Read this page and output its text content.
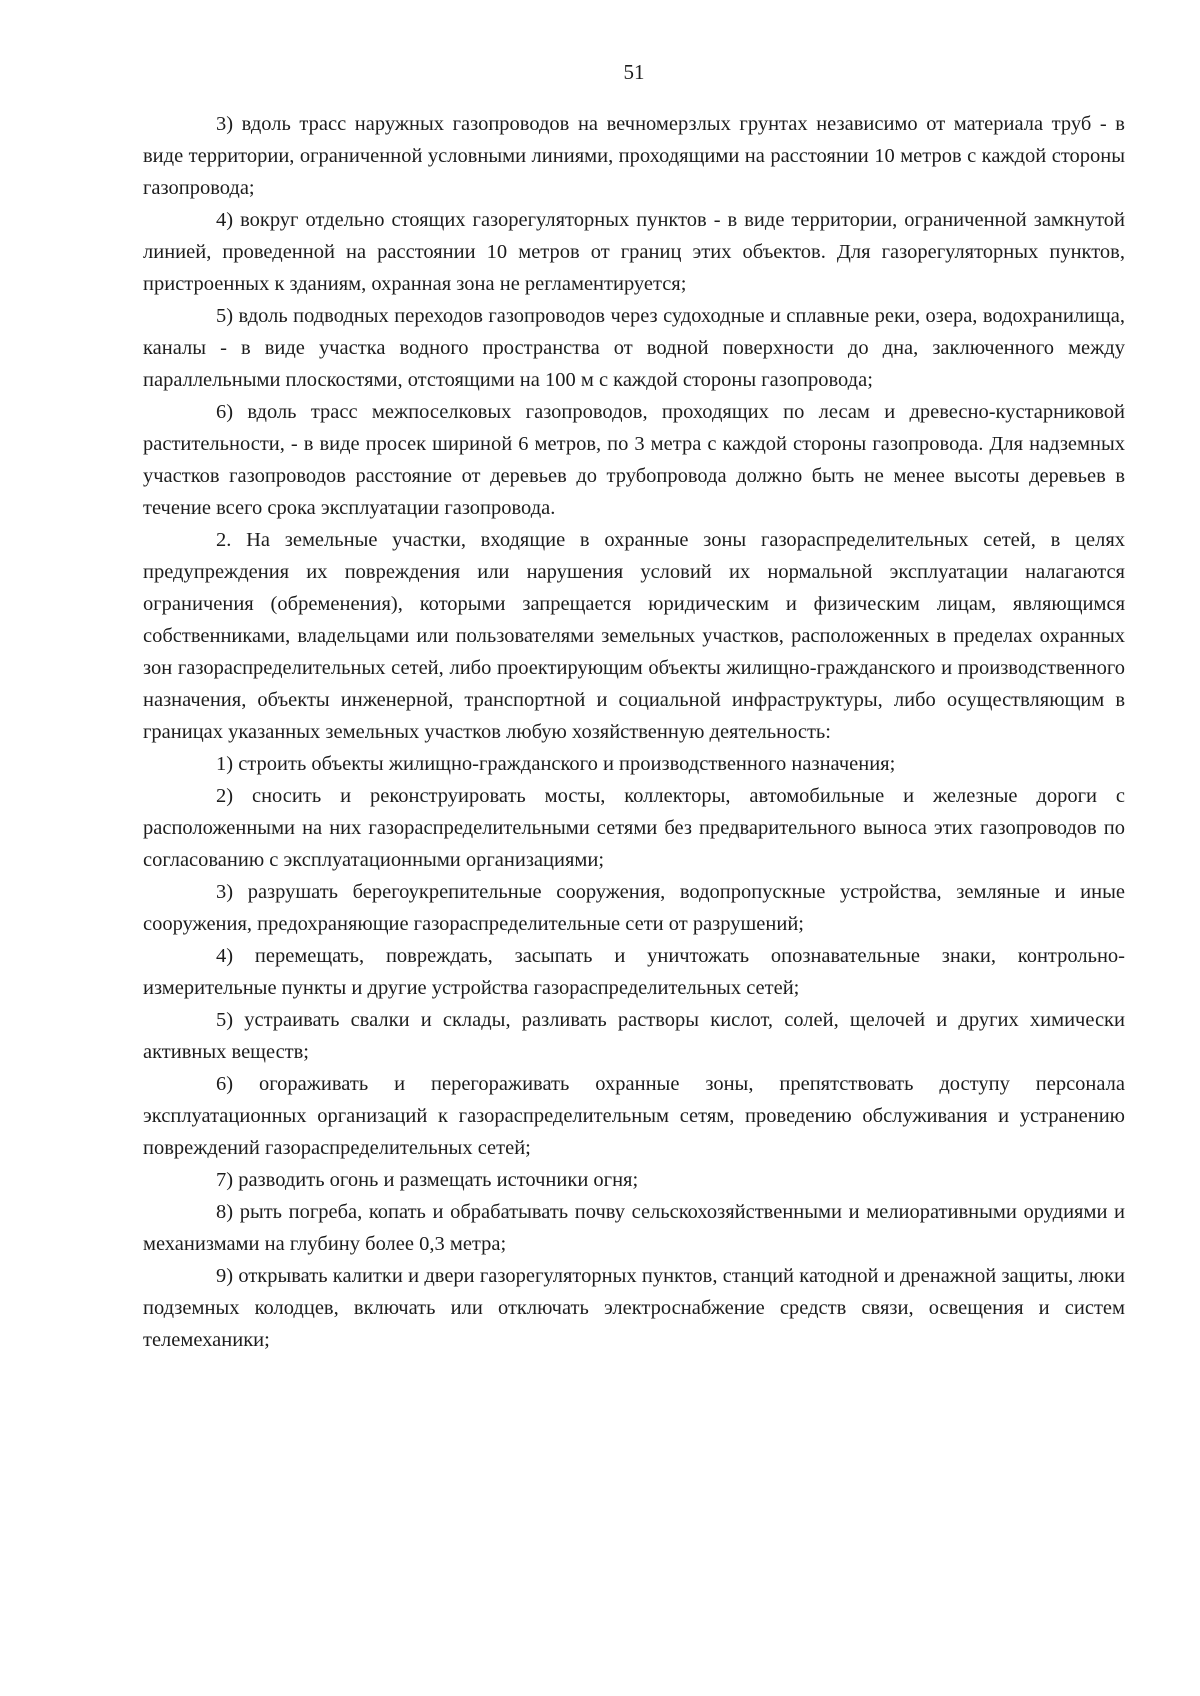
51

3) вдоль трасс наружных газопроводов на вечномерзлых грунтах независимо от материала труб - в виде территории, ограниченной условными линиями, проходящими на расстоянии 10 метров с каждой стороны газопровода;

4) вокруг отдельно стоящих газорегуляторных пунктов - в виде территории, ограниченной замкнутой линией, проведенной на расстоянии 10 метров от границ этих объектов. Для газорегуляторных пунктов, пристроенных к зданиям, охранная зона не регламентируется;

5) вдоль подводных переходов газопроводов через судоходные и сплавные реки, озера, водохранилища, каналы - в виде участка водного пространства от водной поверхности до дна, заключенного между параллельными плоскостями, отстоящими на 100 м с каждой стороны газопровода;

6) вдоль трасс межпоселковых газопроводов, проходящих по лесам и древесно-кустарниковой растительности, - в виде просек шириной 6 метров, по 3 метра с каждой стороны газопровода. Для надземных участков газопроводов расстояние от деревьев до трубопровода должно быть не менее высоты деревьев в течение всего срока эксплуатации газопровода.

2. На земельные участки, входящие в охранные зоны газораспределительных сетей, в целях предупреждения их повреждения или нарушения условий их нормальной эксплуатации налагаются ограничения (обременения), которыми запрещается юридическим и физическим лицам, являющимся собственниками, владельцами или пользователями земельных участков, расположенных в пределах охранных зон газораспределительных сетей, либо проектирующим объекты жилищно-гражданского и производственного назначения, объекты инженерной, транспортной и социальной инфраструктуры, либо осуществляющим в границах указанных земельных участков любую хозяйственную деятельность:

1) строить объекты жилищно-гражданского и производственного назначения;

2) сносить и реконструировать мосты, коллекторы, автомобильные и железные дороги с расположенными на них газораспределительными сетями без предварительного выноса этих газопроводов по согласованию с эксплуатационными организациями;

3) разрушать берегоукрепительные сооружения, водопропускные устройства, земляные и иные сооружения, предохраняющие газораспределительные сети от разрушений;

4) перемещать, повреждать, засыпать и уничтожать опознавательные знаки, контрольно-измерительные пункты и другие устройства газораспределительных сетей;

5) устраивать свалки и склады, разливать растворы кислот, солей, щелочей и других химически активных веществ;

6) огораживать и перегораживать охранные зоны, препятствовать доступу персонала эксплуатационных организаций к газораспределительным сетям, проведению обслуживания и устранению повреждений газораспределительных сетей;

7) разводить огонь и размещать источники огня;

8) рыть погреба, копать и обрабатывать почву сельскохозяйственными и мелиоративными орудиями и механизмами на глубину более 0,3 метра;

9) открывать калитки и двери газорегуляторных пунктов, станций катодной и дренажной защиты, люки подземных колодцев, включать или отключать электроснабжение средств связи, освещения и систем телемеханики;
